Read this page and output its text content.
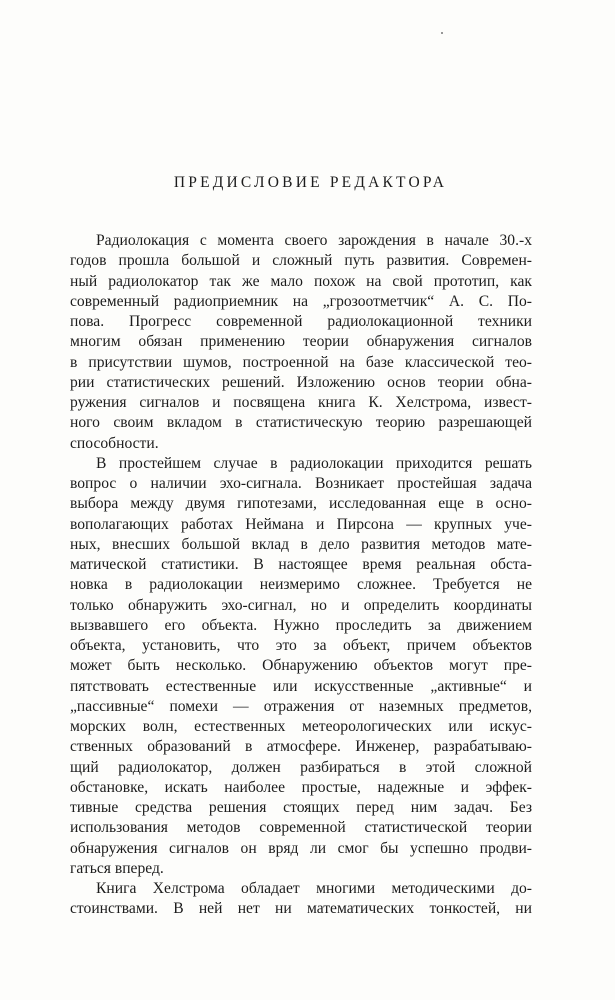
ПРЕДИСЛОВИЕ РЕДАКТОРА
Радиолокация с момента своего зарождения в начале 30.-х
годов прошла большой и сложный путь развития. Современ-
ный радиолокатор так же мало похож на свой прототип, как
современный радиоприемник на „грозоотметчик“ А. С. По-
пова. Прогресс современной радиолокационной техники
многим обязан применению теории обнаружения сигналов
в присутствии шумов, построенной на базе классической тео-
рии статистических решений. Изложению основ теории обна-
ружения сигналов и посвящена книга К. Хелстрома, извест-
ного своим вкладом в статистическую теорию разрешающей
способности.
В простейшем случае в радиолокации приходится решать
вопрос о наличии эхо-сигнала. Возникает простейшая задача
выбора между двумя гипотезами, исследованная еще в осно-
вополагающих работах Неймана и Пирсона — крупных уче-
ных, внесших большой вклад в дело развития методов мате-
матической статистики. В настоящее время реальная обста-
новка в радиолокации неизмеримо сложнее. Требуется не
только обнаружить эхо-сигнал, но и определить координаты
вызвавшего его объекта. Нужно проследить за движением
объекта, установить, что это за объект, причем объектов
может быть несколько. Обнаружению объектов могут пре-
пятствовать естественные или искусственные „активные“ и
„пассивные“ помехи — отражения от наземных предметов,
морских волн, естественных метеорологических или искус-
ственных образований в атмосфере. Инженер, разрабатываю-
щий радиолокатор, должен разбираться в этой сложной
обстановке, искать наиболее простые, надежные и эффек-
тивные средства решения стоящих перед ним задач. Без
использования методов современной статистической теории
обнаружения сигналов он вряд ли смог бы успешно продви-
гаться вперед.
Книга Хелстрома обладает многими методическими до-
стоинствами. В ней нет ни математических тонкостей, ни
